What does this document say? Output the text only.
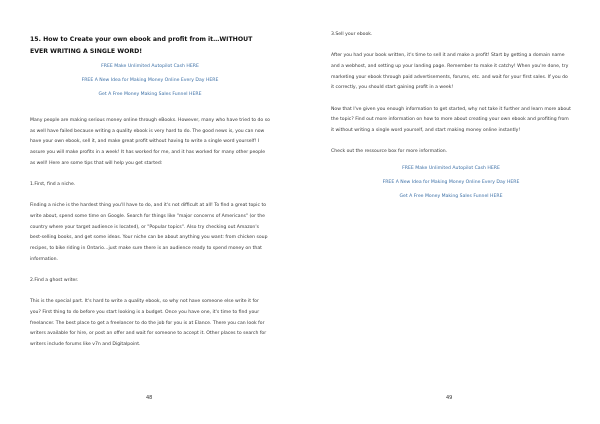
15. How to Create your own ebook and profit from it…WITHOUT EVER WRITING A SINGLE WORD!
FREE Make Unlimited Autopilot Cash HERE
FREE A New Idea for Making Money Online Every Day HERE
Get A Free Money Making Sales Funnel HERE

Many people are making serious money online through eBooks. However, many who have tried to do so as well have failed because writing a quality ebook is very hard to do. The good news is, you can now have your own ebook, sell it, and make great profit without having to write a single word yourself! I assure you will make profits in a week! It has worked for me, and it has worked for many other people as well! Here are some tips that will help you get started:

1.First, find a niche.

Finding a niche is the hardest thing you'll have to do, and it's not difficult at all! To find a great topic to write about, spend some time on Google. Search for things like "major concerns of Americans" (or the country where your target audience is located), or "Popular topics". Also try checking out Amazon's best-selling books, and get some ideas. Your niche can be about anything you want: from chicken soup recipes, to bike riding in Ontario…just make sure there is an audience ready to spend money on that information.

2.Find a ghost writer.

This is the special part. It's hard to write a quality ebook, so why not have someone else write it for you? First thing to do before you start looking is a budget. Once you have one, it's time to find your freelancer. The best place to get a freelancer to do the job for you is at Elance. There you can look for writers available for hire, or post an offer and wait for someone to accept it. Other places to search for writers include forums like v7n and Digitalpoint.

48

3.Sell your ebook.

After you had your book written, it's time to sell it and make a profit! Start by getting a domain name and a webhost, and setting up your landing page. Remember to make it catchy! When you're done, try marketing your ebook through paid advertisements, forums, etc. and wait for your first sales. If you do it correctly, you should start gaining profit in a week!

Now that I've given you enough information to get started, why not take it further and learn more about the topic? Find out more information on how to more about creating your own ebook and profiting from it without writing a single word yourself, and start making money online instantly!

Check out the ressource box for more information.

FREE Make Unlimited Autopilot Cash HERE
FREE A New Idea for Making Money Online Every Day HERE
Get A Free Money Making Sales Funnel HERE
49
